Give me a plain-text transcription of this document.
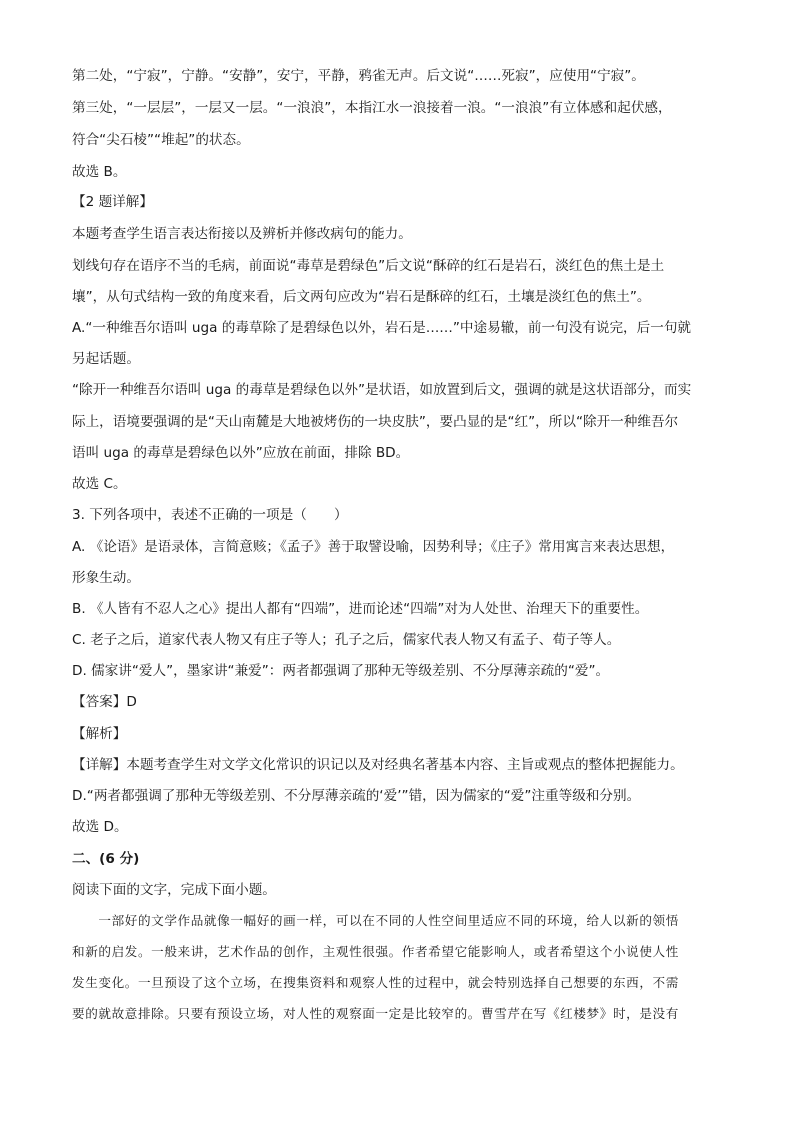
第二处，“宁寂”，宁静。“安静”，安宁，平静，鸦雀无声。后文说“……死寂”，应使用“宁寂”。
第三处，“一层层”，一层又一层。“一浪浪”，本指江水一浪接着一浪。“一浪浪”有立体感和起伏感，
符合“尖石棱”“堆起”的状态。
故选 B。
【2 题详解】
本题考查学生语言表达衔接以及辨析并修改病句的能力。
划线句存在语序不当的毛病，前面说“毒草是碧绿色”后文说“酥碎的红石是岩石，淡红色的焦土是土
壤”，从句式结构一致的角度来看，后文两句应改为“岩石是酥碎的红石，土壤是淡红色的焦土”。
A.“一种维吾尔语叫 uga 的毒草除了是碧绿色以外，岩石是……”中途易辙，前一句没有说完，后一句就
另起话题。
“除开一种维吾尔语叫 uga 的毒草是碧绿色以外”是状语，如放置到后文，强调的就是这状语部分，而实
际上，语境要强调的是“天山南麓是大地被烤伤的一块皮肤”，要凸显的是“红”，所以“除开一种维吾尔
语叫 uga 的毒草是碧绿色以外”应放在前面，排除 BD。
故选 C。
3. 下列各项中，表述不正确的一项是（　　）
A. 《论语》是语录体，言简意赅；《孟子》善于取譬设喻，因势利导；《庄子》常用寓言来表达思想，
形象生动。
B. 《人皆有不忍人之心》提出人都有“四端”，进而论述“四端”对为人处世、治理天下的重要性。
C. 老子之后，道家代表人物又有庄子等人；孔子之后，儒家代表人物又有孟子、荀子等人。
D. 儒家讲“爱人”，墨家讲“兼爱”：两者都强调了那种无等级差别、不分厚薄亲疏的“爱”。
【答案】D
【解析】
【详解】本题考查学生对文学文化常识的识记以及对经典名著基本内容、主旨或观点的整体把握能力。
D.“两者都强调了那种无等级差别、不分厚薄亲疏的‘爱’”错，因为儒家的“爱”注重等级和分别。
故选 D。
二、(6 分)
阅读下面的文字，完成下面小题。
　　一部好的文学作品就像一幅好的画一样，可以在不同的人性空间里适应不同的环境，给人以新的领悟
和新的启发。一般来讲，艺术作品的创作，主观性很强。作者希望它能影响人，或者希望这个小说使人性
发生变化。一旦预设了这个立场，在搜集资料和观察人性的过程中，就会特别选择自己想要的东西，不需
要的就故意排除。只要有预设立场，对人性的观察面一定是比较窄的。曹雪芹在写《红楼梦》时，是没有
